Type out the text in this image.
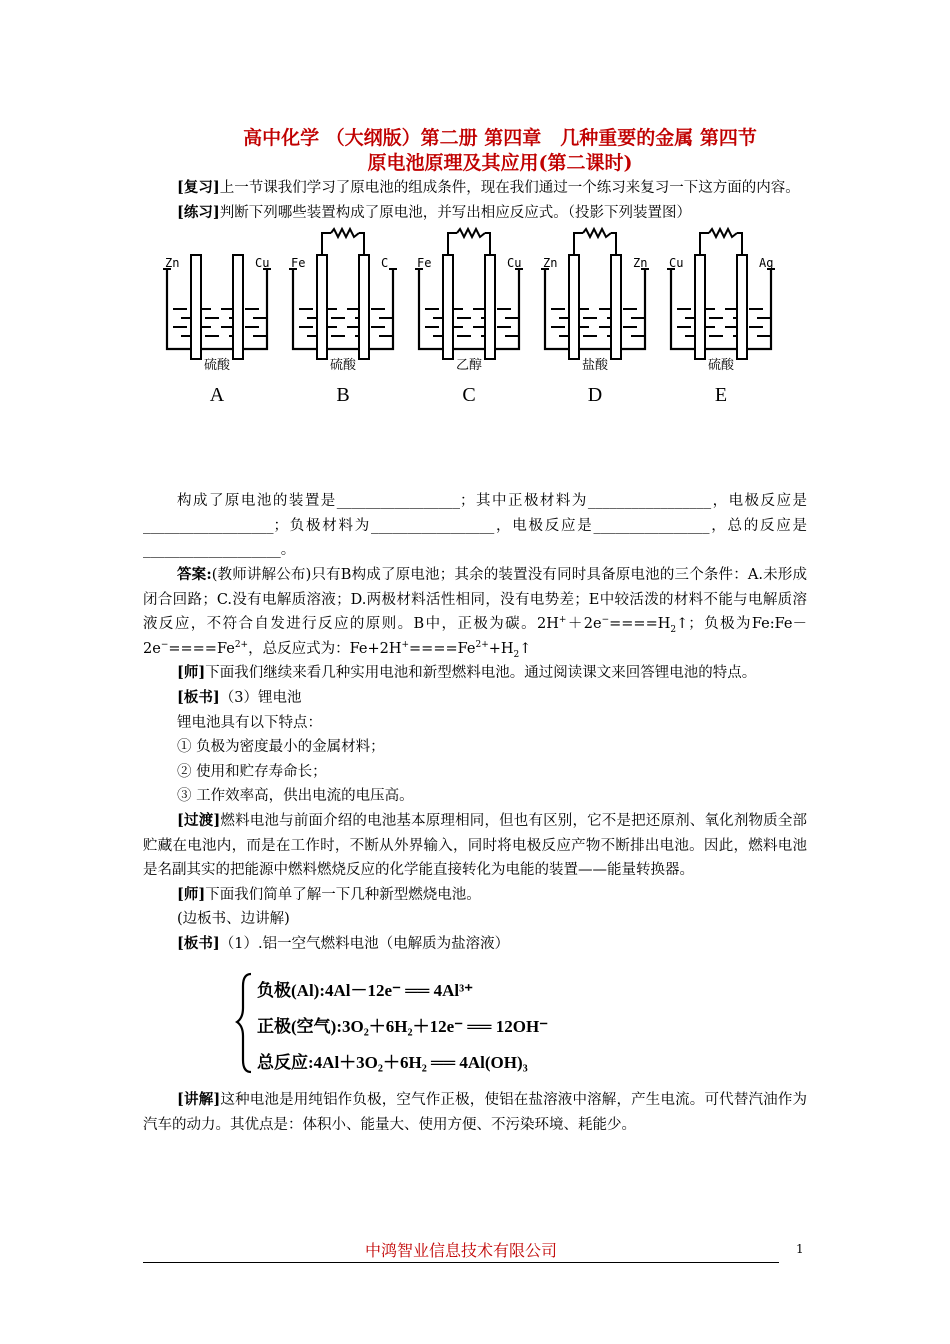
高中化学 （大纲版）第二册 第四章　几种重要的金属 第四节
原电池原理及其应用(第二课时)

[复习]上一节课我们学习了原电池的组成条件，现在我们通过一个练习来复习一下这方面的内容。

[练习]判断下列哪些装置构成了原电池，并写出相应反应式。（投影下列装置图）

Zn	Cu
硫酸
A
Fe	C
硫酸
B
Fe	Cu
乙醇
C
Zn	Zn
盐酸
D
Cu	Ag
硫酸
E

构成了原电池的装置是_________________；其中正极材料为_________________，电极反应是__________________；负极材料为_________________，电极反应是________________，总的反应是___________________。

答案:(教师讲解公布)只有B构成了原电池；其余的装置没有同时具备原电池的三个条件：A.未形成闭合回路；C.没有电解质溶液；D.两极材料活性相同，没有电势差；E中较活泼的材料不能与电解质溶液反应，不符合自发进行反应的原则。B中，正极为碳。$2H^++2e^-====H_2↑$；负极为$Fe:Fe-2e^-====Fe^{2+}$，总反应式为：$Fe+2H^+====Fe^{2+}+H_2↑$

[师]下面我们继续来看几种实用电池和新型燃料电池。通过阅读课文来回答锂电池的特点。

[板书]（3）锂电池

锂电池具有以下特点：

① 负极为密度最小的金属材料；

② 使用和贮存寿命长；

③ 工作效率高，供出电流的电压高。

[过渡]燃料电池与前面介绍的电池基本原理相同，但也有区别，它不是把还原剂、氧化剂物质全部贮藏在电池内，而是在工作时，不断从外界输入，同时将电极反应产物不断排出电池。因此，燃料电池是名副其实的把能源中燃料燃烧反应的化学能直接转化为电能的装置——能量转换器。

[师]下面我们简单了解一下几种新型燃烧电池。

(边板书、边讲解)

[板书]（1）.铝一空气燃料电池（电解质为盐溶液）

负极(Al):4Al－12e⁻ ══ 4Al³⁺
正极(空气):3O₂＋6H₂＋12e⁻ ══ 12OH⁻
总反应:4Al＋3O₂＋6H₂ ══ 4Al(OH)₃

[讲解]这种电池是用纯铝作负极，空气作正极，使铝在盐溶液中溶解，产生电流。可代替汽油作为汽车的动力。其优点是：体积小、能量大、使用方便、不污染环境、耗能少。

中鸿智业信息技术有限公司	1
